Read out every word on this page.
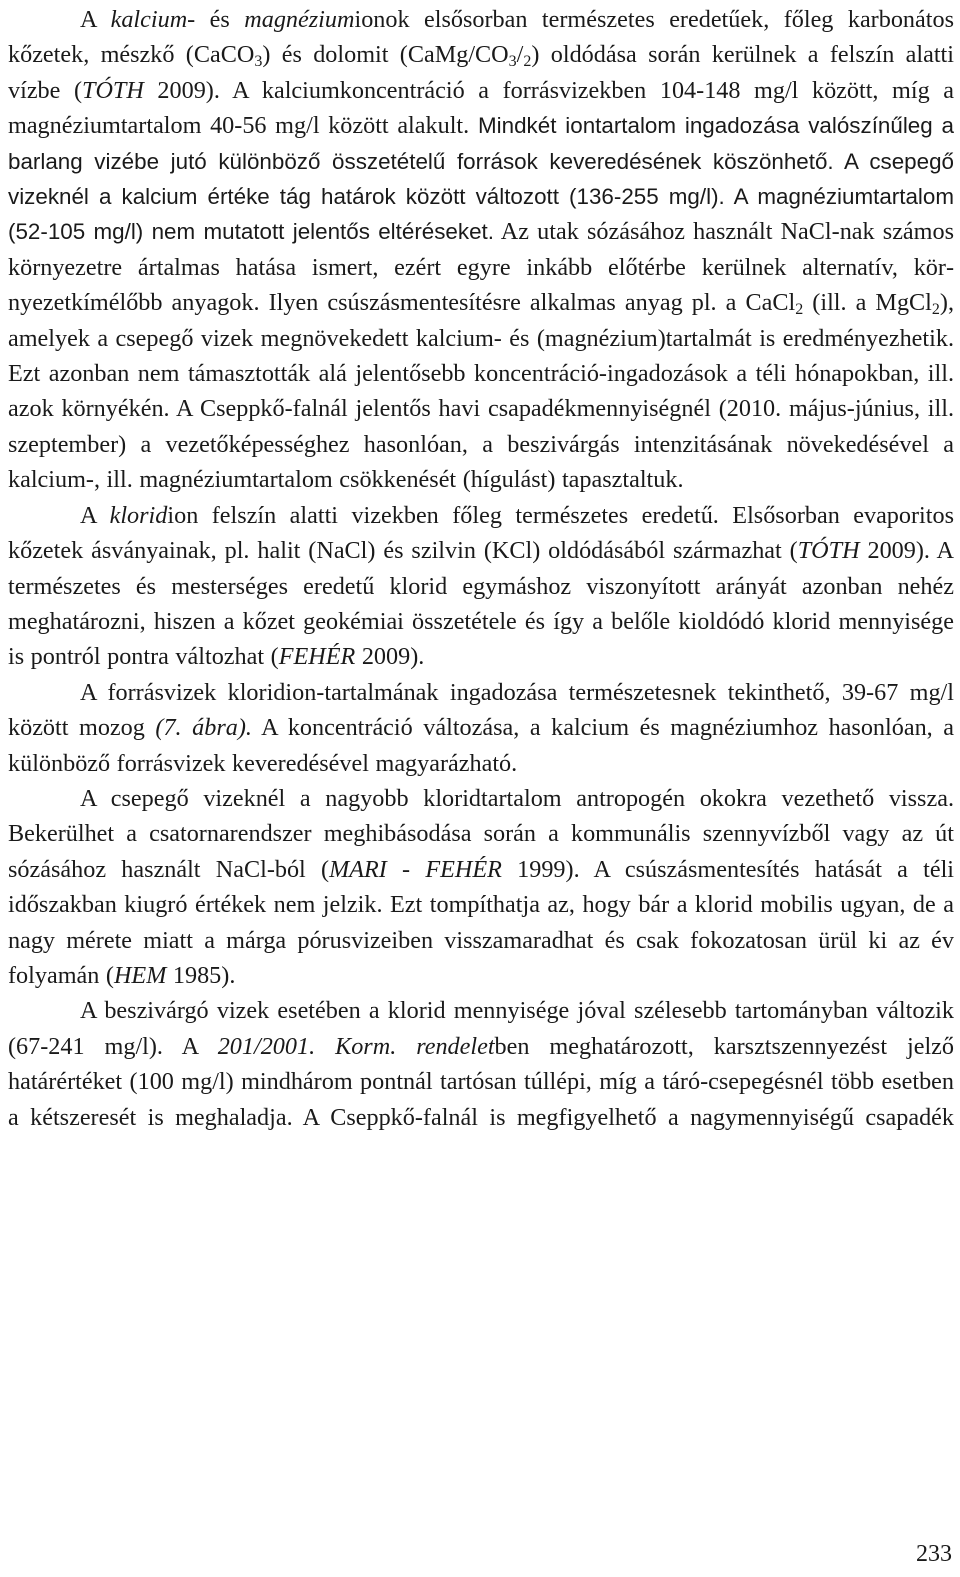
A kalcium- és magnéziumionok elsősorban természetes eredetűek, főleg karbonátos kőzetek, mészkő (CaCO$_3$) és dolomit $(CaMg/CO_3/_2)$ oldódása során kerülnek a felszín alatti vízbe (TÓTH 2009). A kalciumkoncentráció a forrásvizekben 104-148 mg/l között, míg a magnéziumtartalom 40-56 mg/l között alakult. Mindkét iontartalom ingadozása valószínűleg a barlang vizébe jutó különböző összetételű források keveredésének köszönhető. A csepegő vizeknél a kalcium értéke tág határok között változott (136-255 mg/l). A magnéziumtartalom (52-105 mg/l) nem mutatott jelentős eltéréseket. Az utak sózásához használt NaCl-nak számos környezetre ártalmas hatása ismert, ezért egyre inkább előtérbe kerülnek alternatív, környezetkímélőbb anyagok. Ilyen csúszásmentesítésre alkalmas anyag pl. a CaCl$_2$ (ill. a MgCl$_2$), amelyek a csepegő vizek megnövekedett kalcium- és (magnézium)tartalmát is eredményezhetik. Ezt azonban nem támasztották alá jelentősebb koncentráció-ingadozások a téli hónapokban, ill. azok környékén. A Cseppkő-falnál jelentős havi csapadékmennyiségnél (2010. május-június, ill. szeptember) a vezetőképességhez hasonlóan, a beszivárgás intenzitásának növekedésével a kalcium-, ill. magnéziumtartalom csökkenését (hígulást) tapasztaltuk.

A kloridion felszín alatti vizekben főleg természetes eredetű. Elsősorban evaporitos kőzetek ásványainak, pl. halit (NaCl) és szilvin (KCl) oldódásából származhat (TÓTH 2009). A természetes és mesterséges eredetű klorid egymáshoz viszonyított arányát azonban nehéz meghatározni, hiszen a kőzet geokémiai összetétele és így a belőle kioldódó klorid mennyisége is pontról pontra változhat (FEHÉR 2009).

A forrásvizek kloridion-tartalmának ingadozása természetesnek tekinthető, 39-67 mg/l között mozog (7. ábra). A koncentráció változása, a kalcium és magnéziumhoz hasonlóan, a különböző forrásvizek keveredésével magyarázható.

A csepegő vizeknél a nagyobb kloridtartalom antropogén okokra vezethető vissza. Bekerülhet a csatornarendszer meghibásodása során a kommunális szennyvízből vagy az út sózásához használt NaCl-ból (MARI - FEHÉR 1999). A csúszásmentesítés hatását a téli időszakban kiugró értékek nem jelzik. Ezt tompíthatja az, hogy bár a klorid mobilis ugyan, de a nagy mérete miatt a márga pórusvizeiben visszamaradhat és csak fokozatosan ürül ki az év folyamán (HEM 1985).

A beszivárgó vizek esetében a klorid mennyisége jóval szélesebb tartományban változik (67-241 mg/l). A 201/2001. Korm. rendeletben meghatározott, karsztszennyezést jelző határértéket (100 mg/l) mindhárom pontnál tartósan túllépi, míg a táró-csepegésnél több esetben a kétszeresét is meghaladja. A Cseppkő-falnál is megfigyelhető a nagymennyiségű csapadék

233
